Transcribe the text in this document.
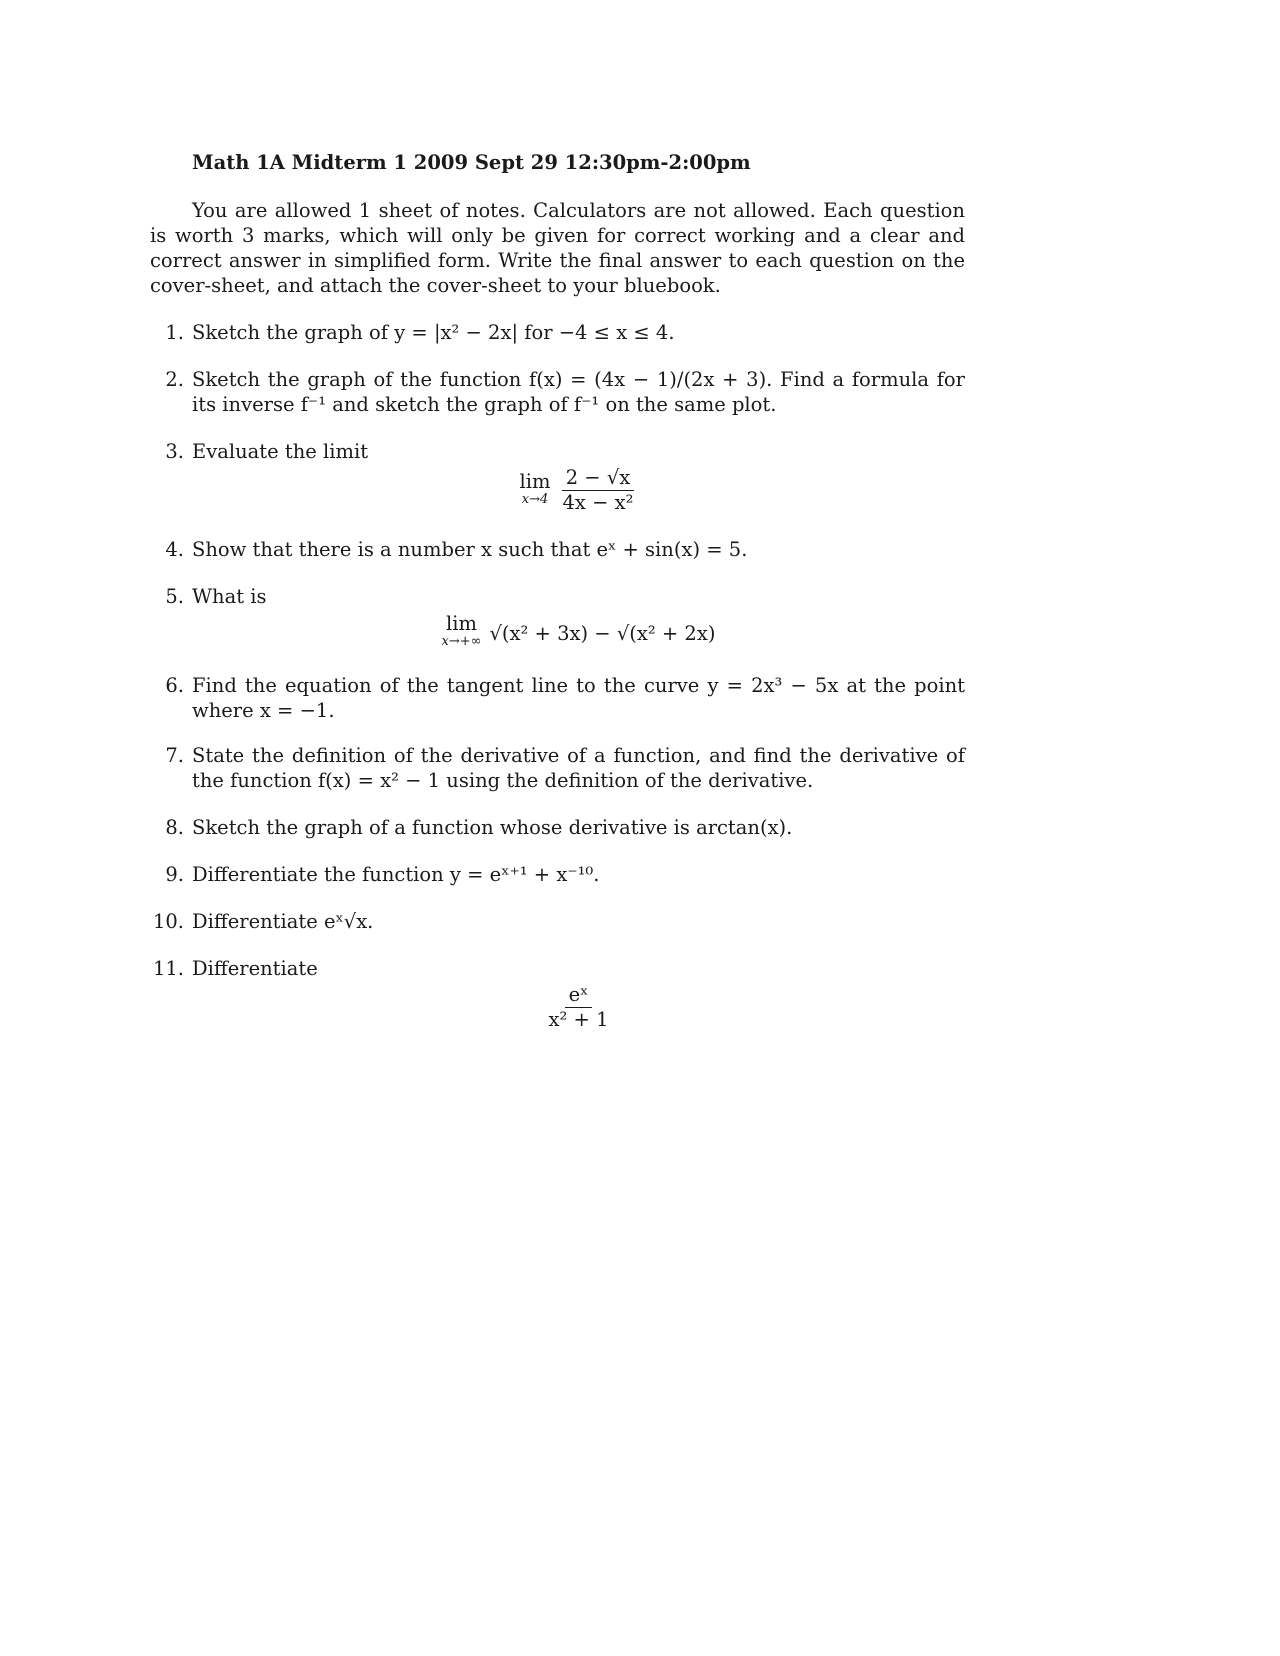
Math 1A Midterm 1 2009 Sept 29 12:30pm-2:00pm

You are allowed 1 sheet of notes. Calculators are not allowed. Each question is worth 3 marks, which will only be given for correct working and a clear and correct answer in simplified form. Write the final answer to each question on the cover-sheet, and attach the cover-sheet to your bluebook.

1. Sketch the graph of y = |x² − 2x| for −4 ≤ x ≤ 4.
2. Sketch the graph of the function f(x) = (4x − 1)/(2x + 3). Find a formula for its inverse f⁻¹ and sketch the graph of f⁻¹ on the same plot.
3. Evaluate the limit
lim
$x\to 4 \frac{2 - √x}{\text{4x − x²}}$
4. Show that there is a number x such that eˣ + sin(x) = 5.
5. What is
lim
x→+∞ √(x² + 3x) − √(x² + 2x)
6. Find the equation of the tangent line to the curve y = 2x³ − 5x at the point where x = −1.
7. State the definition of the derivative of a function, and find the derivative of the function f(x) = x² − 1 using the definition of the derivative.
8. Sketch the graph of a function whose derivative is arctan(x).
9. Differentiate the function y = eˣ⁺¹ + x⁻¹⁰.
10. Differentiate eˣ√x.
11. Differentiate
$\frac{\text{eˣ}}{\text{x² + 1}}$
